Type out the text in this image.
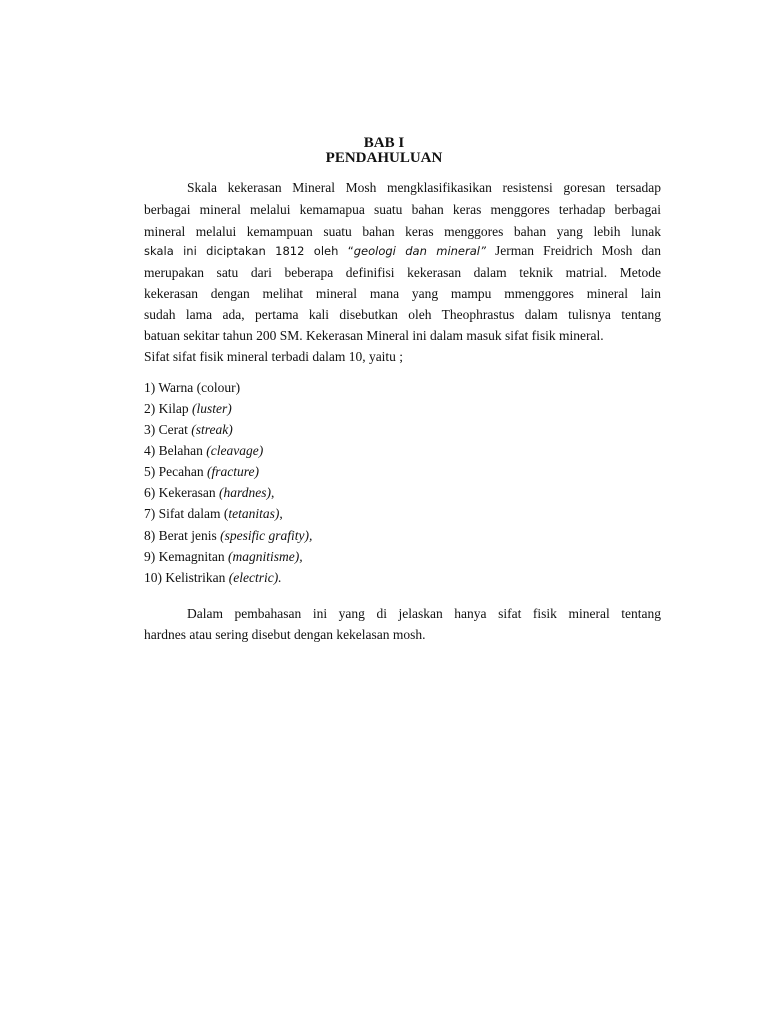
BAB I
PENDAHULUAN
Skala kekerasan Mineral Mosh mengklasifikasikan resistensi goresan tersadap
berbagai mineral melalui kemamapua suatu bahan keras menggores terhadap berbagai
mineral melalui kemampuan suatu bahan keras menggores bahan yang lebih lunak
skala ini diciptakan 1812 oleh “geologi dan mineral” Jerman Freidrich Mosh dan
merupakan satu dari beberapa definifisi kekerasan dalam teknik matrial. Metode
kekerasan dengan melihat mineral mana yang mampu mmenggores mineral lain
sudah lama ada, pertama kali disebutkan oleh Theophrastus dalam tulisnya tentang
batuan sekitar tahun 200 SM. Kekerasan Mineral ini dalam masuk sifat fisik mineral.
Sifat sifat fisik mineral terbadi dalam 10, yaitu ;
1) Warna (colour)
2) Kilap (luster)
3) Cerat (streak)
4) Belahan (cleavage)
5) Pecahan (fracture)
6) Kekerasan (hardnes),
7) Sifat dalam (tetanitas),
8) Berat jenis (spesific grafity),
9) Kemagnitan (magnitisme),
10) Kelistrikan (electric).
Dalam pembahasan ini yang di jelaskan hanya sifat fisik mineral tentang
hardnes atau sering disebut dengan kekelasan mosh.
